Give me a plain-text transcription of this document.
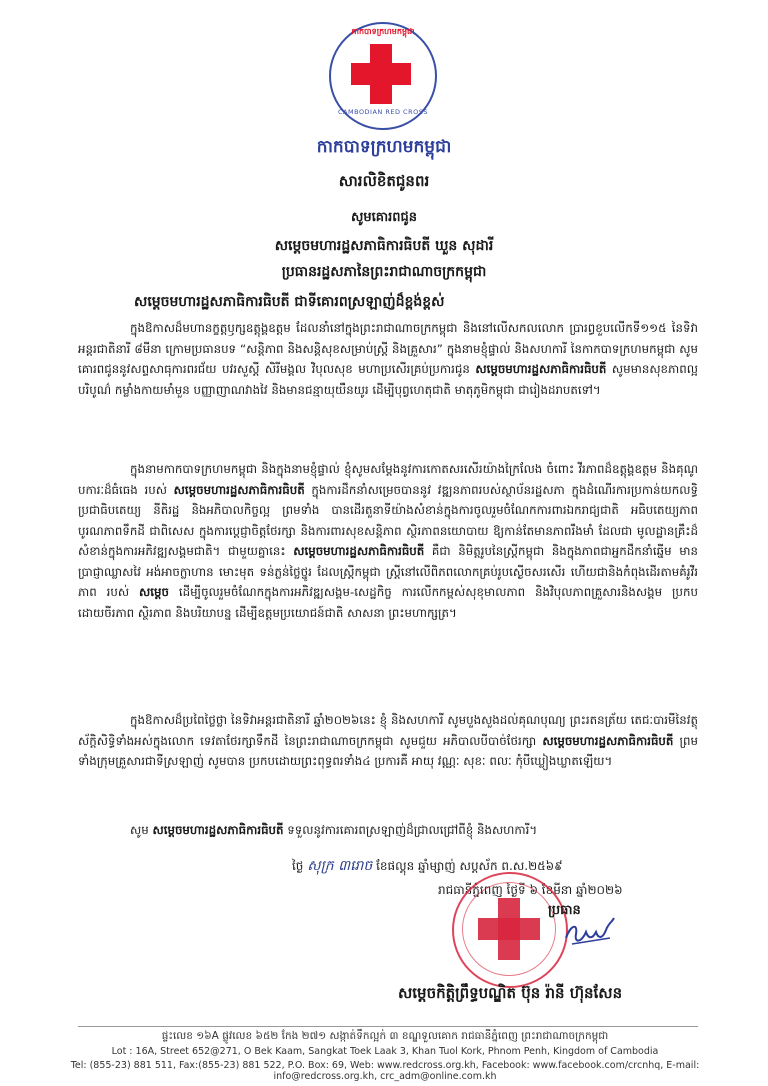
កាកបាទក្រហមកម្ពុជា
CAMBODIAN RED CROSS
កាកបាទក្រហមកម្ពុជា
សារលិខិតជូនពរ
សូមគោរពជូន
សម្តេចមហារដ្ឋសភាធិការធិបតី ឃួន សុដារី
ប្រធានរដ្ឋសភានៃព្រះរាជាណាចក្រកម្ពុជា
សម្តេចមហារដ្ឋសភាធិការធិបតី ជាទីគោរពស្រឡាញ់ដ៏ខ្ពង់ខ្ពស់
ក្នុងឱកាសដ៏មហានក្ខត្តឫក្សឧត្តុង្គឧត្តម ដែលនាំនៅក្នុងព្រះរាជាណាចក្រកម្ពុជា និងនៅលើសកលលោក ប្រារព្ធខួបលើកទី១១៥ នៃទិវាអន្តរជាតិនារី ៨មីនា ក្រោមប្រធានបទ “សន្តិភាព និងសន្តិសុខសម្រាប់ស្ត្រី និងគ្រួសារ” ក្នុងនាមខ្ញុំផ្ទាល់ និងសហការី នៃកាកបាទក្រហមកម្ពុជា សូមគោរពជូននូវសព្ទសាធុការពរជ័យ បវរសួស្តី សិរីមង្គល វិបុលសុខ មហាប្រសើរគ្រប់ប្រការជូន សម្តេចមហារដ្ឋសភាធិការធិបតី សូមមានសុខភាពល្អបរិបូណ៌ កម្លាំងកាយមាំមួន បញ្ញាញាណវាងវៃ និងមានជន្មាយុយឺនយូរ ដើម្បីបុព្វហេតុជាតិ មាតុភូមិកម្ពុជា ជារៀងដរាបតទៅ។
ក្នុងនាមកាកបាទក្រហមកម្ពុជា និងក្នុងនាមខ្ញុំផ្ទាល់ ខ្ញុំសូមសម្តែងនូវការកោតសរសើរយ៉ាងក្រៃលែង ចំពោះ វីរភាពដ៏ឧត្តុង្គឧត្តម និងគុណូបការៈដ៏ធំធេង របស់ សម្តេចមហារដ្ឋសភាធិការធិបតី ក្នុងការដឹកនាំសម្រេចបាននូវ វឌ្ឍនភាពរបស់ស្ថាប័នរដ្ឋសភា ក្នុងដំណើរការប្រកាន់យកលទ្ធិប្រជាធិបតេយ្យ នីតិរដ្ឋ និងអភិបាលកិច្ចល្អ ព្រមទាំង បានដើរតួនាទីយ៉ាងសំខាន់ក្នុងការចូលរួមចំណែកការពារឯករាជ្យជាតិ អធិបតេយ្យភាព បូរណភាពទឹកដី ជាពិសេស ក្នុងការប្តេជ្ញាចិត្តថែរក្សា និងការពារសុខសន្តិភាព ស្ថិរភាពនយោបាយ ឱ្យកាន់តែមានភាពរឹងមាំ ដែលជា មូលដ្ឋានគ្រឹះដ៏សំខាន់ក្នុងការអភិវឌ្ឍសង្គមជាតិ។ ជាមួយគ្នានេះ សម្តេចមហារដ្ឋសភាធិការធិបតី គឺជា និមិត្តរូបនៃស្ត្រីកម្ពុជា និងក្នុងភាពជាអ្នកដឹកនាំឆ្នើម មានប្រាជ្ញាឈ្លាសវៃ អង់អាចក្លាហាន មោះមុត ទន់ភ្លន់ថ្លៃថ្នូរ ដែលស្ត្រីកម្ពុជា ស្ត្រីនៅលើពិភពលោកគ្រប់រូបស្ងើចសរសើរ ហើយជានិងកំពុងដើរតាមគំរូវីរភាព របស់ សម្តេច ដើម្បីចូលរួមចំណែកក្នុងការអភិវឌ្ឍសង្គម-សេដ្ឋកិច្ច ការលើកកម្ពស់សុខុមាលភាព និងវិបុលភាពគ្រួសារនិងសង្គម ប្រកបដោយចីរភាព ស្ថិរភាព និងបរិយាបន្ន ដើម្បីឧត្តមប្រយោជន៍ជាតិ សាសនា ព្រះមហាក្សត្រ។
ក្នុងឱកាសដ៏ប្រពៃថ្លៃថ្លា នៃទិវាអន្តរជាតិនារី ឆ្នាំ២០២៦នេះ ខ្ញុំ និងសហការី សូមបួងសួងដល់គុណបុណ្យ ព្រះរតនត្រ័យ តេជៈបារមីនៃវត្ថុស័ក្តិសិទ្ធិទាំងអស់ក្នុងលោក ទេវតាថែរក្សាទឹកដី នៃព្រះរាជាណាចក្រកម្ពុជា សូមជួយ អភិបាលបីបាច់ថែរក្សា សម្តេចមហារដ្ឋសភាធិការធិបតី ព្រមទាំងក្រុមគ្រួសារជាទីស្រឡាញ់ សូមបាន ប្រកបដោយព្រះពុទ្ធពរទាំង៤ ប្រការគឺ អាយុ វណ្ណៈ សុខៈ ពលៈ កុំបីឃ្លៀងឃ្លាតឡើយ។
សូម សម្តេចមហារដ្ឋសភាធិការធិបតី ទទួលនូវការគោរពស្រឡាញ់ដ៏ជ្រាលជ្រៅពីខ្ញុំ និងសហការី។
ថ្ងៃ សុក្រ ៣រោច ខែផល្គុន ឆ្នាំម្សាញ់ សប្តស័ក ព.ស.២៥៦៩
រាជធានីភ្នំពេញ ថ្ងៃទី ៦ ខែមីនា ឆ្នាំ២០២៦
ប្រធាន
សម្តេចកិត្តិព្រឹទ្ធបណ្ឌិត ប៊ុន រ៉ានី ហ៊ុនសែន
ផ្ទះលេខ ១៦A ផ្លូវលេខ ៦៥២ កែង ២៧១ សង្កាត់ទឹកល្អក់ ៣ ខណ្ឌទួលគោក រាជធានីភ្នំពេញ ព្រះរាជាណាចក្រកម្ពុជា
Lot : 16A, Street 652@271, O Bek Kaam, Sangkat Toek Laak 3, Khan Tuol Kork, Phnom Penh, Kingdom of Cambodia
Tel: (855-23) 881 511, Fax:(855-23) 881 522, P.O. Box: 69, Web: www.redcross.org.kh, Facebook: www.facebook.com/crcnhq, E-mail: info@redcross.org.kh, crc_adm@online.com.kh
